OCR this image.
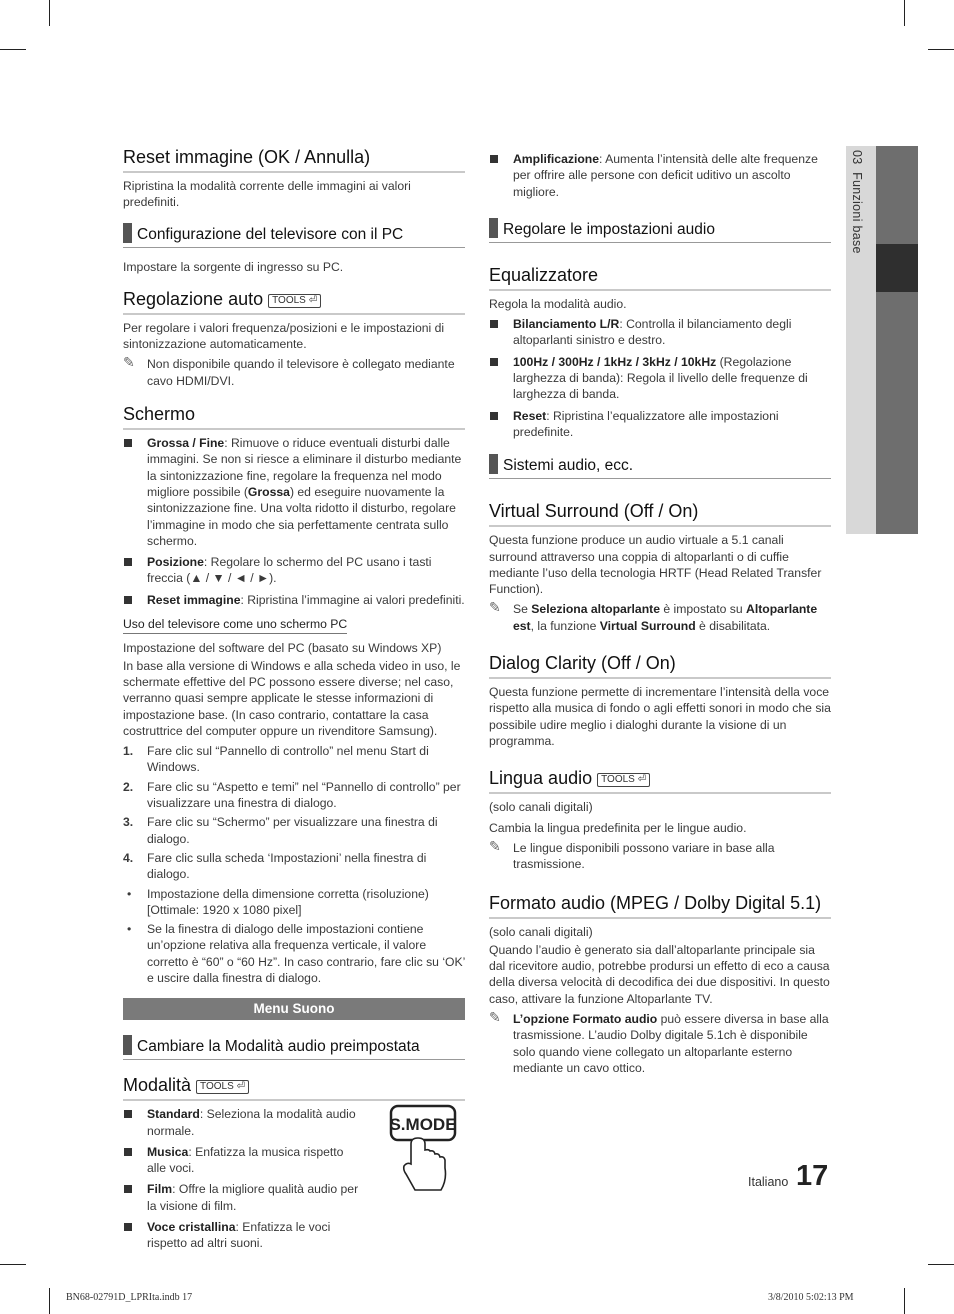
03  Funzioni base
Reset immagine (OK / Annulla)

Ripristina la modalità corrente delle immagini ai valori predefiniti.

Configurazione del televisore con il PC

Impostare la sorgente di ingresso su PC.

Regolazione auto TOOLS ⏎

Per regolare i valori frequenza/posizioni e le impostazioni di sintonizzazione automaticamente.

✎ Non disponibile quando il televisore è collegato mediante cavo HDMI/DVI.
Schermo
Grossa / Fine: Rimuove o riduce eventuali disturbi dalle immagini. Se non si riesce a eliminare il disturbo mediante la sintonizzazione fine, regolare la frequenza nel modo migliore possibile (Grossa) ed eseguire nuovamente la sintonizzazione fine. Una volta ridotto il disturbo, regolare l’immagine in modo che sia perfettamente centrata sullo schermo.
Posizione: Regolare lo schermo del PC usano i tasti freccia (▲ / ▼ / ◄ / ►).
Reset immagine: Ripristina l’immagine ai valori predefiniti.
Uso del televisore come uno schermo PC

Impostazione del software del PC (basato su Windows XP)

In base alla versione di Windows e alla scheda video in uso, le schermate effettive del PC possono essere diverse; nel caso, verranno quasi sempre applicate le stesse informazioni di impostazione base. (In caso contrario, contattare la casa costruttrice del computer oppure un rivenditore Samsung).

1. Fare clic sul “Pannello di controllo” nel menu Start di Windows.
2. Fare clic su “Aspetto e temi” nel “Pannello di controllo” per visualizzare una finestra di dialogo.
3. Fare clic su “Schermo” per visualizzare una finestra di dialogo.
4. Fare clic sulla scheda ‘Impostazioni’ nella finestra di dialogo.
• Impostazione della dimensione corretta (risoluzione) [Ottimale: 1920 x 1080 pixel]
• Se la finestra di dialogo delle impostazioni contiene un’opzione relativa alla frequenza verticale, il valore corretto è “60” o “60 Hz”. In caso contrario, fare clic su ‘OK’ e uscire dalla finestra di dialogo.
Menu Suono
Cambiare la Modalità audio preimpostata
Modalità TOOLS ⏎
Standard: Seleziona la modalità audio normale.
Musica: Enfatizza la musica rispetto alle voci.
Film: Offre la migliore qualità audio per la visione di film.
Voce cristallina: Enfatizza le voci rispetto ad altri suoni.
S.MODE
Amplificazione: Aumenta l’intensità delle alte frequenze per offrire alle persone con deficit uditivo un ascolto migliore.
Regolare le impostazioni audio
Equalizzatore

Regola la modalità audio.

Bilanciamento L/R: Controlla il bilanciamento degli altoparlanti sinistro e destro.
100Hz / 300Hz / 1kHz / 3kHz / 10kHz (Regolazione larghezza di banda): Regola il livello delle frequenze di larghezza di banda.
Reset: Ripristina l’equalizzatore alle impostazioni predefinite.
Sistemi audio, ecc.
Virtual Surround (Off / On)

Questa funzione produce un audio virtuale a 5.1 canali surround attraverso una coppia di altoparlanti o di cuffie mediante l’uso della tecnologia HRTF (Head Related Transfer Function).

✎ Se Seleziona altoparlante è impostato su Altoparlante est, la funzione Virtual Surround è disabilitata.
Dialog Clarity (Off / On)

Questa funzione permette di incrementare l’intensità della voce rispetto alla musica di fondo o agli effetti sonori in modo che sia possibile udire meglio i dialoghi durante la visione di un programma.

Lingua audio TOOLS ⏎

(solo canali digitali)

Cambia la lingua predefinita per le lingue audio.

✎ Le lingue disponibili possono variare in base alla trasmissione.
Formato audio (MPEG / Dolby Digital 5.1)

(solo canali digitali)

Quando l’audio è generato sia dall’altoparlante principale sia dal ricevitore audio, potrebbe prodursi un effetto di eco a causa della diversa velocità di decodifica dei due dispositivi. In questo caso, attivare la funzione Altoparlante TV.

✎ L’opzione Formato audio può essere diversa in base alla trasmissione. L’audio Dolby digitale 5.1ch è disponibile solo quando viene collegato un altoparlante esterno mediante un cavo ottico.
Italiano 17
BN68-02791D_LPRIta.indb 17	3/8/2010 5:02:13 PM
